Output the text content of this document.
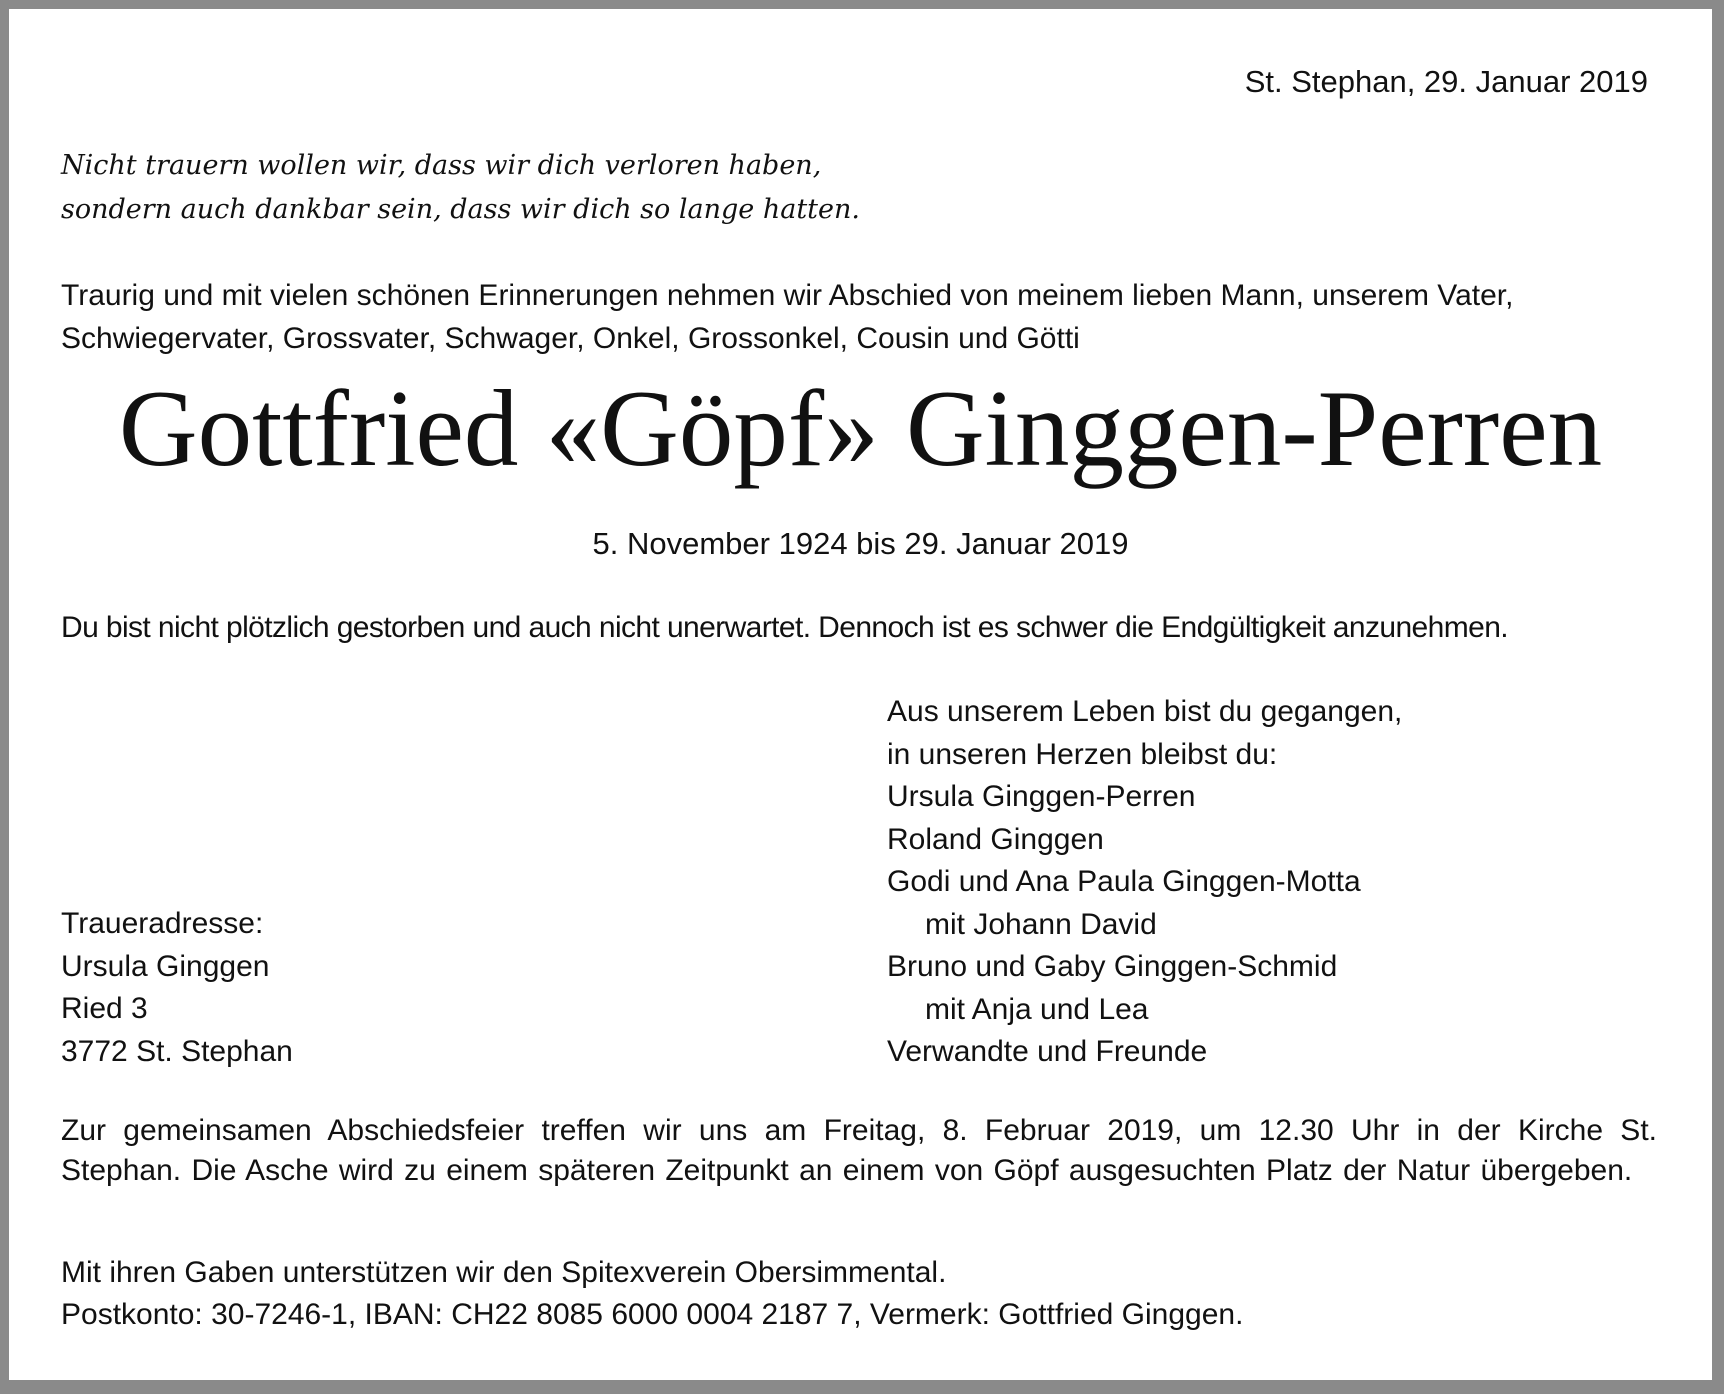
St. Stephan, 29. Januar 2019
Nicht trauern wollen wir, dass wir dich verloren haben,
sondern auch dankbar sein, dass wir dich so lange hatten.
Traurig und mit vielen schönen Erinnerungen nehmen wir Abschied von meinem lieben Mann, unserem Vater,
Schwiegervater, Grossvater, Schwager, Onkel, Grossonkel, Cousin und Götti
Gottfried «Göpf» Ginggen-Perren
5. November 1924 bis 29. Januar 2019
Du bist nicht plötzlich gestorben und auch nicht unerwartet. Dennoch ist es schwer die Endgültigkeit anzunehmen.
Aus unserem Leben bist du gegangen,
in unseren Herzen bleibst du:
Ursula Ginggen-Perren
Roland Ginggen
Godi und Ana Paula Ginggen-Motta
mit Johann David
Bruno und Gaby Ginggen-Schmid
mit Anja und Lea
Verwandte und Freunde
Traueradresse:
Ursula Ginggen
Ried 3
3772 St. Stephan
Zur gemeinsamen Abschiedsfeier treffen wir uns am Freitag, 8. Februar 2019, um 12.30 Uhr in der Kirche St. Stephan. Die Asche wird zu einem späteren Zeitpunkt an einem von Göpf ausgesuchten Platz der Natur übergeben.
Mit ihren Gaben unterstützen wir den Spitexverein Obersimmental.
Postkonto: 30-7246-1, IBAN: CH22 8085 6000 0004 2187 7, Vermerk: Gottfried Ginggen.
